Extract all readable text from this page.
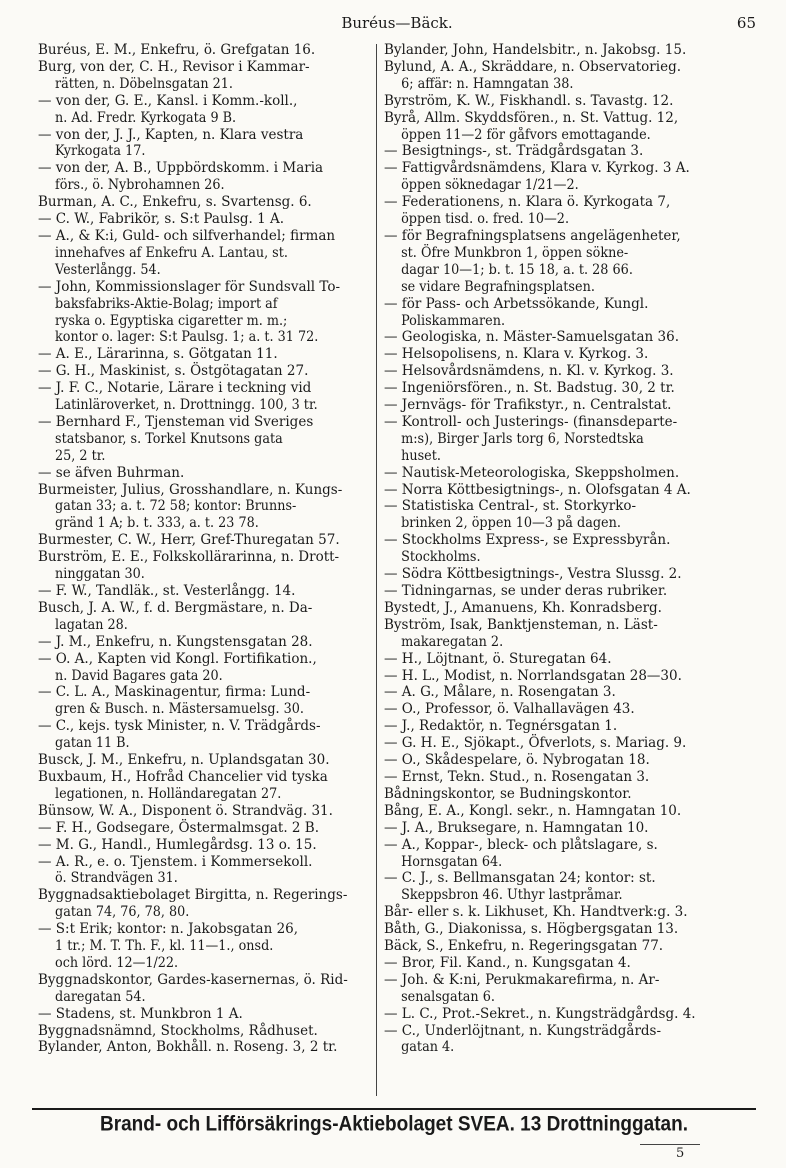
Buréus—Bäck.	65

Buréus, E. M., Enkefru, ö. Grefgatan 16.

Burg, von der, C. H., Revisor i Kammar-

rätten, n. Döbelnsgatan 21.

— von der, G. E., Kansl. i Komm.-koll.,

n. Ad. Fredr. Kyrkogata 9 B.

— von der, J. J., Kapten, n. Klara vestra

Kyrkogata 17.

— von der, A. B., Uppbördskomm. i Maria

förs., ö. Nybrohamnen 26.

Burman, A. C., Enkefru, s. Svartensg. 6.

— C. W., Fabrikör, s. S:t Paulsg. 1 A.

— A., & K:i, Guld- och silfverhandel; firman

innehafves af Enkefru A. Lantau, st.

Vesterlångg. 54.

— John, Kommissionslager för Sundsvall To-

baksfabriks-Aktie-Bolag; import af

ryska o. Egyptiska cigaretter m. m.;

kontor o. lager: S:t Paulsg. 1; a. t. 31 72.

— A. E., Lärarinna, s. Götgatan 11.

— G. H., Maskinist, s. Östgötagatan 27.

— J. F. C., Notarie, Lärare i teckning vid

Latinläroverket, n. Drottningg. 100, 3 tr.

— Bernhard F., Tjensteman vid Sveriges

statsbanor, s. Torkel Knutsons gata

25, 2 tr.

— se äfven Buhrman.

Burmeister, Julius, Grosshandlare, n. Kungs-

gatan 33; a. t. 72 58; kontor: Brunns-

gränd 1 A; b. t. 333, a. t. 23 78.

Burmester, C. W., Herr, Gref-Thuregatan 57.

Burström, E. E., Folkskollärarinna, n. Drott-

ninggatan 30.

— F. W., Tandläk., st. Vesterlångg. 14.

Busch, J. A. W., f. d. Bergmästare, n. Da-

lagatan 28.

— J. M., Enkefru, n. Kungstensgatan 28.

— O. A., Kapten vid Kongl. Fortifikation.,

n. David Bagares gata 20.

— C. L. A., Maskinagentur, firma: Lund-

gren & Busch. n. Mästersamuelsg. 30.

— C., kejs. tysk Minister, n. V. Trädgårds-

gatan 11 B.

Busck, J. M., Enkefru, n. Uplandsgatan 30.

Buxbaum, H., Hofråd Chancelier vid tyska

legationen, n. Holländaregatan 27.

Bünsow, W. A., Disponent ö. Strandväg. 31.

— F. H., Godsegare, Östermalmsgat. 2 B.

— M. G., Handl., Humlegårdsg. 13 o. 15.

— A. R., e. o. Tjenstem. i Kommersekoll.

ö. Strandvägen 31.

Byggnadsaktiebolaget Birgitta, n. Regerings-

gatan 74, 76, 78, 80.

— S:t Erik; kontor: n. Jakobsgatan 26,

1 tr.; M. T. Th. F., kl. 11—1., onsd.

och lörd. 12—1/22.

Byggnadskontor, Gardes-kasernernas, ö. Rid-

daregatan 54.

— Stadens, st. Munkbron 1 A.

Byggnadsnämnd, Stockholms, Rådhuset.

Bylander, Anton, Bokhåll. n. Roseng. 3, 2 tr.

Bylander, John, Handelsbitr., n. Jakobsg. 15.

Bylund, A. A., Skräddare, n. Observatorieg.

6; affär: n. Hamngatan 38.

Byrström, K. W., Fiskhandl. s. Tavastg. 12.

Byrå, Allm. Skyddsfören., n. St. Vattug. 12,

öppen 11—2 för gåfvors emottagande.

— Besigtnings-, st. Trädgårdsgatan 3.

— Fattigvårdsnämdens, Klara v. Kyrkog. 3 A.

öppen söknedagar 1/21—2.

— Federationens, n. Klara ö. Kyrkogata 7,

öppen tisd. o. fred. 10—2.

— för Begrafningsplatsens angelägenheter,

st. Öfre Munkbron 1, öppen sökne-

dagar 10—1; b. t. 15 18, a. t. 28 66.

se vidare Begrafningsplatsen.

— för Pass- och Arbetssökande, Kungl.

Poliskammaren.

— Geologiska, n. Mäster-Samuelsgatan 36.

— Helsopolisens, n. Klara v. Kyrkog. 3.

— Helsovårdsnämdens, n. Kl. v. Kyrkog. 3.

— Ingeniörsfören., n. St. Badstug. 30, 2 tr.

— Jernvägs- för Trafikstyr., n. Centralstat.

— Kontroll- och Justerings- (finansdeparte-

m:s), Birger Jarls torg 6, Norstedtska

huset.

— Nautisk-Meteorologiska, Skeppsholmen.

— Norra Köttbesigtnings-, n. Olofsgatan 4 A.

— Statistiska Central-, st. Storkyrko-

brinken 2, öppen 10—3 på dagen.

— Stockholms Express-, se Expressbyrån.

Stockholms.

— Södra Köttbesigtnings-, Vestra Slussg. 2.

— Tidningarnas, se under deras rubriker.

Bystedt, J., Amanuens, Kh. Konradsberg.

Byström, Isak, Banktjensteman, n. Läst-

makaregatan 2.

— H., Löjtnant, ö. Sturegatan 64.

— H. L., Modist, n. Norrlandsgatan 28—30.

— A. G., Målare, n. Rosengatan 3.

— O., Professor, ö. Valhallavägen 43.

— J., Redaktör, n. Tegnérsgatan 1.

— G. H. E., Sjökapt., Öfverlots, s. Mariag. 9.

— O., Skådespelare, ö. Nybrogatan 18.

— Ernst, Tekn. Stud., n. Rosengatan 3.

Bådningskontor, se Budningskontor.

Bång, E. A., Kongl. sekr., n. Hamngatan 10.

— J. A., Bruksegare, n. Hamngatan 10.

— A., Koppar-, bleck- och plåtslagare, s.

Hornsgatan 64.

— C. J., s. Bellmansgatan 24; kontor: st.

Skeppsbron 46. Uthyr lastpråmar.

Bår- eller s. k. Likhuset, Kh. Handtverk:g. 3.

Båth, G., Diakonissa, s. Högbergsgatan 13.

Bäck, S., Enkefru, n. Regeringsgatan 77.

— Bror, Fil. Kand., n. Kungsgatan 4.

— Joh. & K:ni, Perukmakarefirma, n. Ar-

senalsgatan 6.

— L. C., Prot.-Sekret., n. Kungsträdgårdsg. 4.

— C., Underlöjtnant, n. Kungsträdgårds-

gatan 4.

Brand- och Lifförsäkrings-Aktiebolaget SVEA. 13 Drottninggatan.
5
